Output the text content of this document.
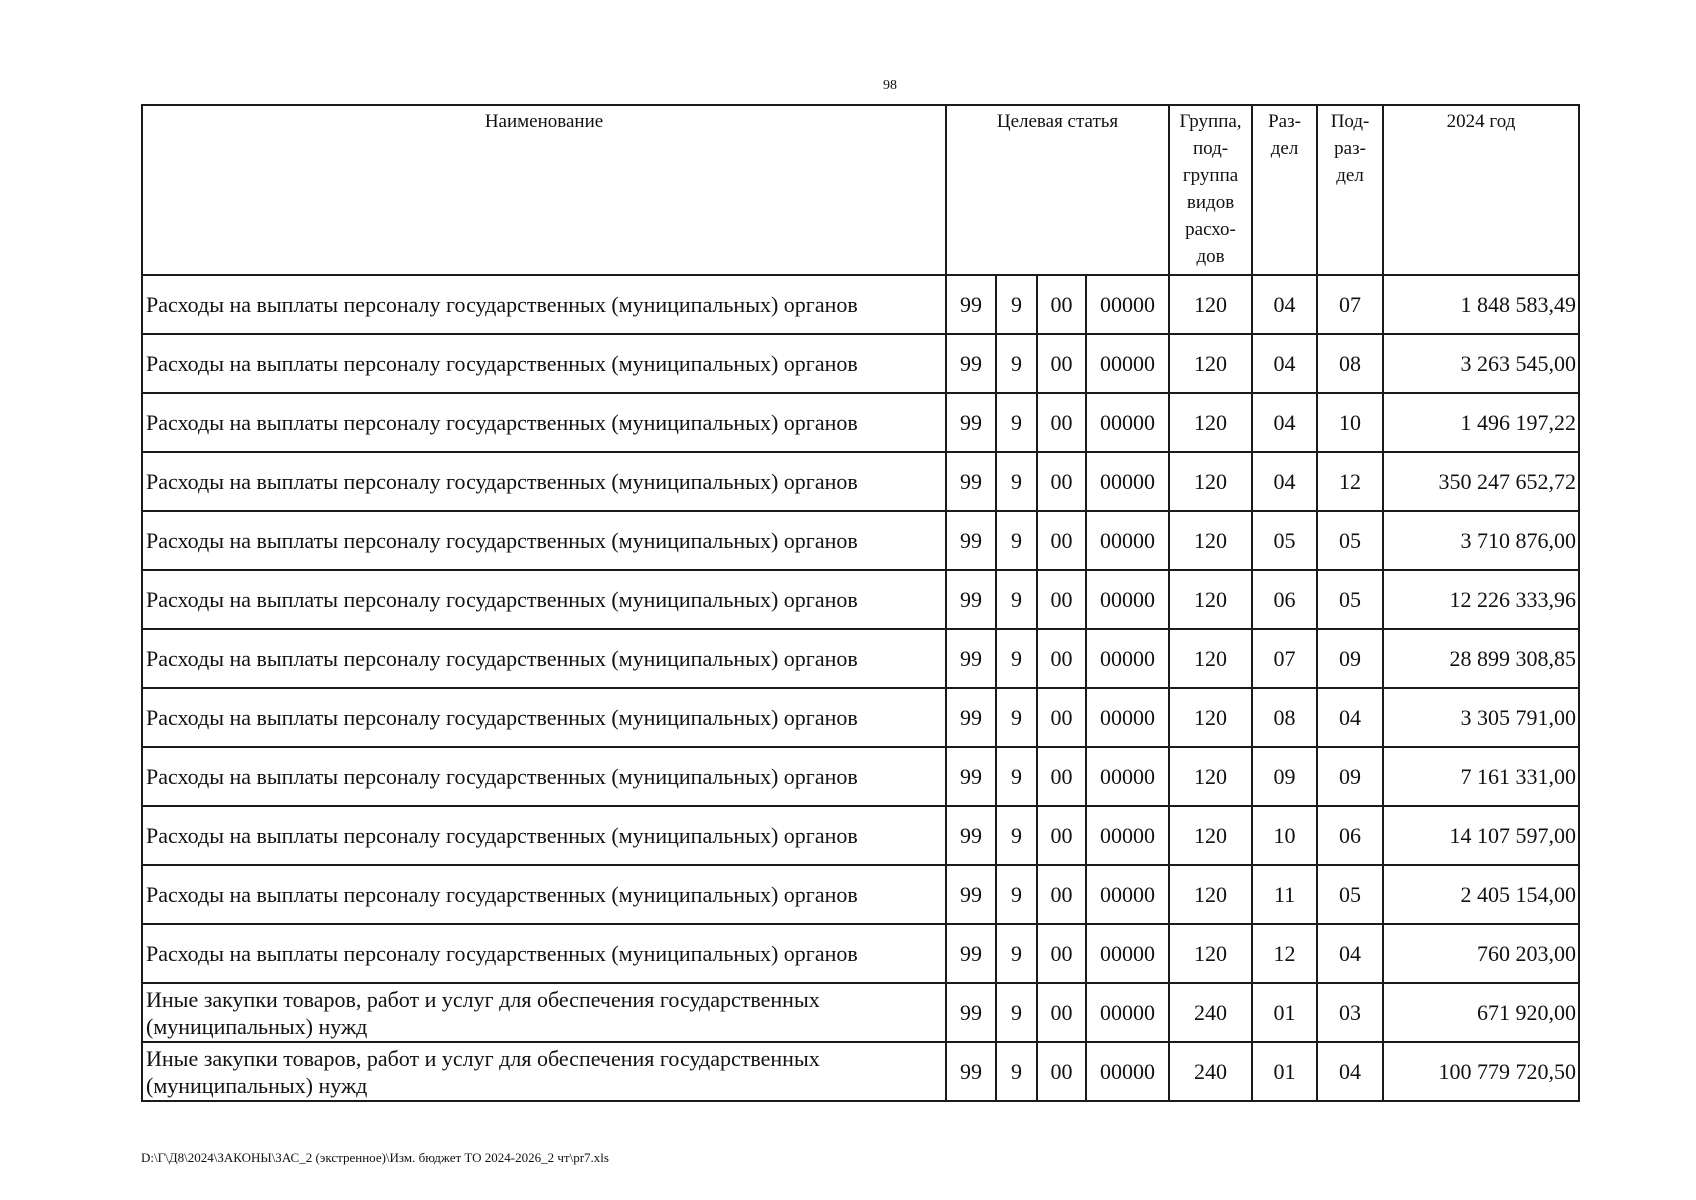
98
Наименование	Целевая статья				Группа, под- группа видов расхо- дов	Раз- дел	Под- раз- дел	2024 год
Расходы на выплаты персоналу государственных (муниципальных) органов	99	9	00	00000	120	04	07	1 848 583,49
Расходы на выплаты персоналу государственных (муниципальных) органов	99	9	00	00000	120	04	08	3 263 545,00
Расходы на выплаты персоналу государственных (муниципальных) органов	99	9	00	00000	120	04	10	1 496 197,22
Расходы на выплаты персоналу государственных (муниципальных) органов	99	9	00	00000	120	04	12	350 247 652,72
Расходы на выплаты персоналу государственных (муниципальных) органов	99	9	00	00000	120	05	05	3 710 876,00
Расходы на выплаты персоналу государственных (муниципальных) органов	99	9	00	00000	120	06	05	12 226 333,96
Расходы на выплаты персоналу государственных (муниципальных) органов	99	9	00	00000	120	07	09	28 899 308,85
Расходы на выплаты персоналу государственных (муниципальных) органов	99	9	00	00000	120	08	04	3 305 791,00
Расходы на выплаты персоналу государственных (муниципальных) органов	99	9	00	00000	120	09	09	7 161 331,00
Расходы на выплаты персоналу государственных (муниципальных) органов	99	9	00	00000	120	10	06	14 107 597,00
Расходы на выплаты персоналу государственных (муниципальных) органов	99	9	00	00000	120	11	05	2 405 154,00
Расходы на выплаты персоналу государственных (муниципальных) органов	99	9	00	00000	120	12	04	760 203,00
Иные закупки товаров, работ и услуг для обеспечения государственных (муниципальных) нужд	99	9	00	00000	240	01	03	671 920,00
Иные закупки товаров, работ и услуг для обеспечения государственных (муниципальных) нужд	99	9	00	00000	240	01	04	100 779 720,50
D:\Г\Д8\2024\ЗАКОНЫ\ЗАС_2 (экстренное)\Изм. бюджет ТО 2024-2026_2 чт\pr7.xls
